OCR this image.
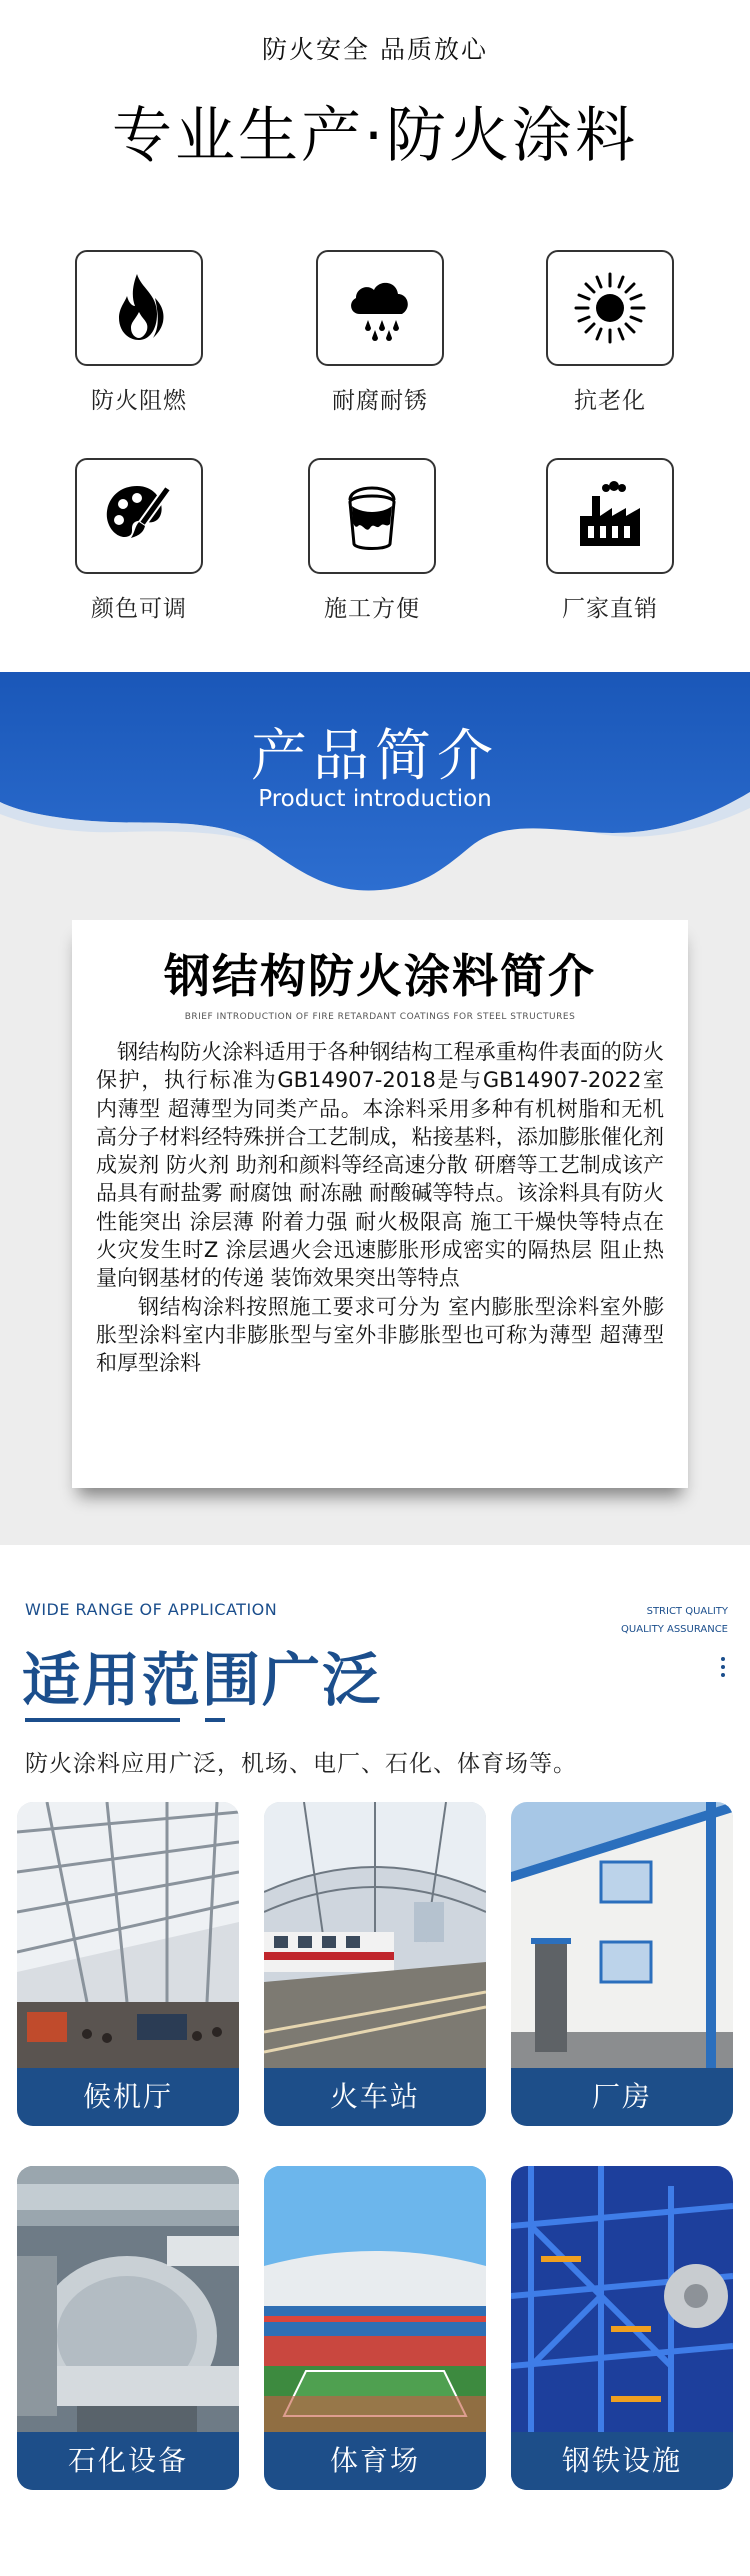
防火安全 品质放心
专业生产·防火涂料
防火阻燃	耐腐耐锈	抗老化
颜色可调	施工方便	厂家直销
产品简介
Product introduction
钢结构防火涂料简介
BRIEF INTRODUCTION OF FIRE RETARDANT COATINGS FOR STEEL STRUCTURES

钢结构防火涂料适用于各种钢结构工程承重构件表面的防火保护，执行标准为GB14907-2018是与GB14907-2022室内薄型 超薄型为同类产品。本涂料采用多种有机树脂和无机高分子材料经特殊拼合工艺制成，粘接基料，添加膨胀催化剂 成炭剂 防火剂 助剂和颜料等经高速分散 研磨等工艺制成该产品具有耐盐雾 耐腐蚀 耐冻融 耐酸碱等特点。该涂料具有防火性能突出 涂层薄 附着力强 耐火极限高 施工干燥快等特点在火灾发生时Z 涂层遇火会迅速膨胀形成密实的隔热层 阻止热量向钢基材的传递 装饰效果突出等特点

钢结构涂料按照施工要求可分为 室内膨胀型涂料室外膨胀型涂料室内非膨胀型与室外非膨胀型也可称为薄型 超薄型和厚型涂料

WIDE RANGE OF APPLICATION	STRICT QUALITY
QUALITY ASSURANCE
适用范围广泛
防火涂料应用广泛，机场、电厂、石化、体育场等。
候机厅	火车站	厂房
石化设备	体育场	钢铁设施
